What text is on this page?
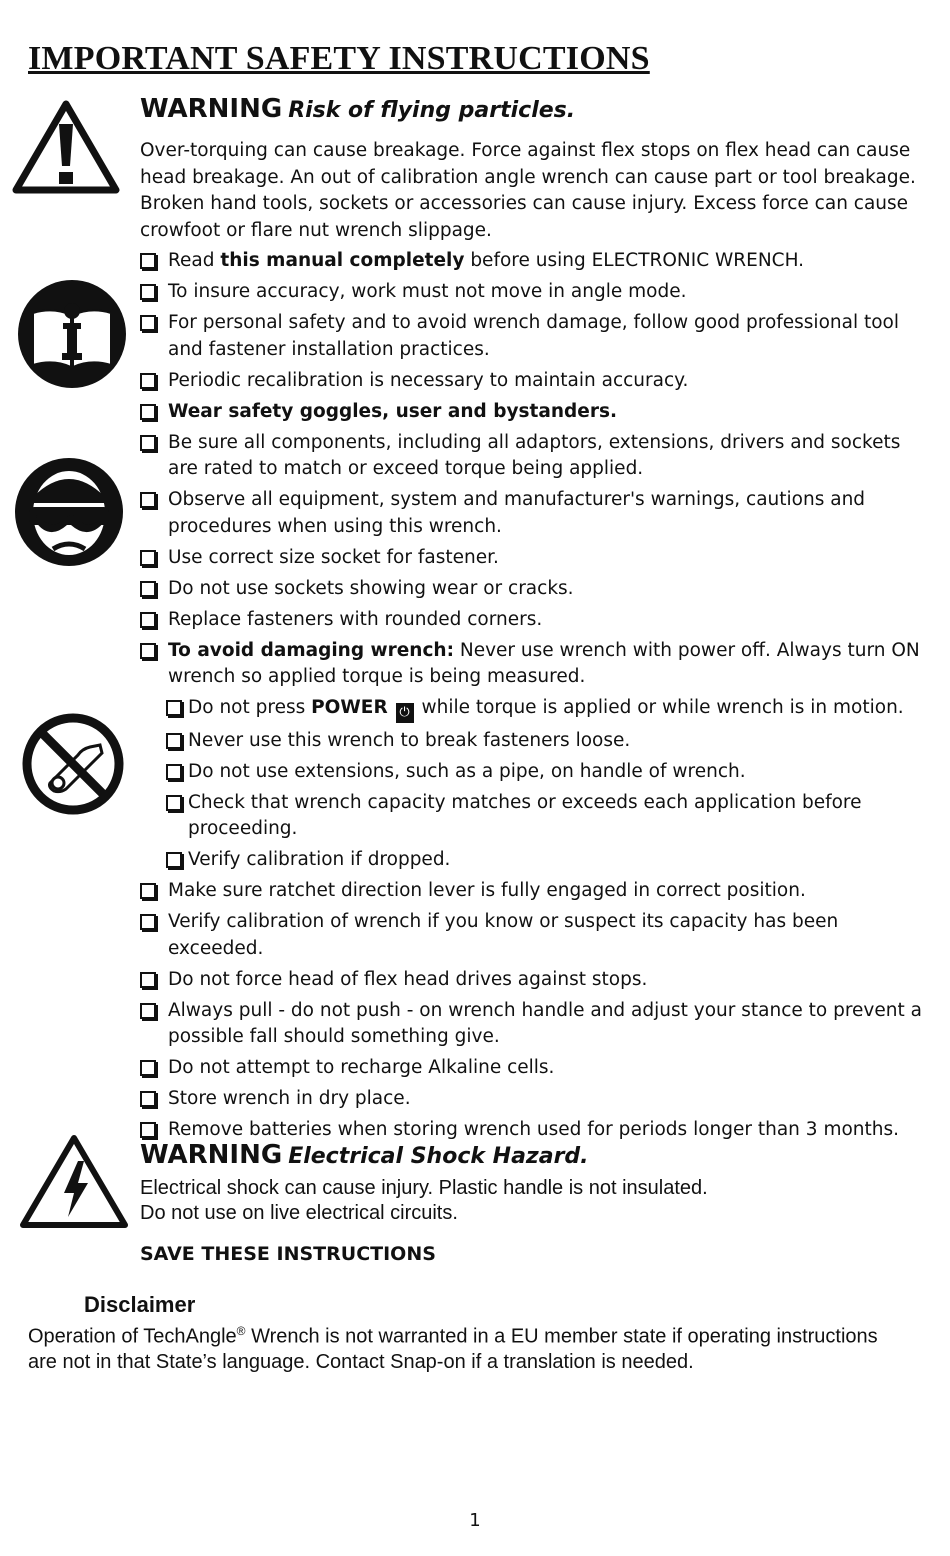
IMPORTANT SAFETY INSTRUCTIONS
WARNING Risk of flying particles.

Over-torquing can cause breakage. Force against flex stops on flex head can cause head breakage. An out of calibration angle wrench can cause part or tool breakage. Broken hand tools, sockets or accessories can cause injury. Excess force can cause crowfoot or flare nut wrench slippage.

Read this manual completely before using ELECTRONIC WRENCH.
To insure accuracy, work must not move in angle mode.
For personal safety and to avoid wrench damage, follow good professional tool and fastener installation practices.
Periodic recalibration is necessary to maintain accuracy.
Wear safety goggles, user and bystanders.
Be sure all components, including all adaptors, extensions, drivers and sockets are rated to match or exceed torque being applied.
Observe all equipment, system and manufacturer's warnings, cautions and procedures when using this wrench.
Use correct size socket for fastener.
Do not use sockets showing wear or cracks.
Replace fasteners with rounded corners.
To avoid damaging wrench: Never use wrench with power off. Always turn ON wrench so applied torque is being measured.
Do not press POWER ⏻ while torque is applied or while wrench is in motion.
Never use this wrench to break fasteners loose.
Do not use extensions, such as a pipe, on handle of wrench.
Check that wrench capacity matches or exceeds each application before proceeding.
Verify calibration if dropped.
Make sure ratchet direction lever is fully engaged in correct position.
Verify calibration of wrench if you know or suspect its capacity has been exceeded.
Do not force head of flex head drives against stops.
Always pull - do not push - on wrench handle and adjust your stance to prevent a possible fall should something give.
Do not attempt to recharge Alkaline cells.
Store wrench in dry place.
Remove batteries when storing wrench used for periods longer than 3 months.
WARNING Electrical Shock Hazard.

Electrical shock can cause injury. Plastic handle is not insulated.
Do not use on live electrical circuits.

SAVE THESE INSTRUCTIONS

Disclaimer

Operation of TechAngle® Wrench is not warranted in a EU member state if operating instructions are not in that State’s language. Contact Snap-on if a translation is needed.

1
